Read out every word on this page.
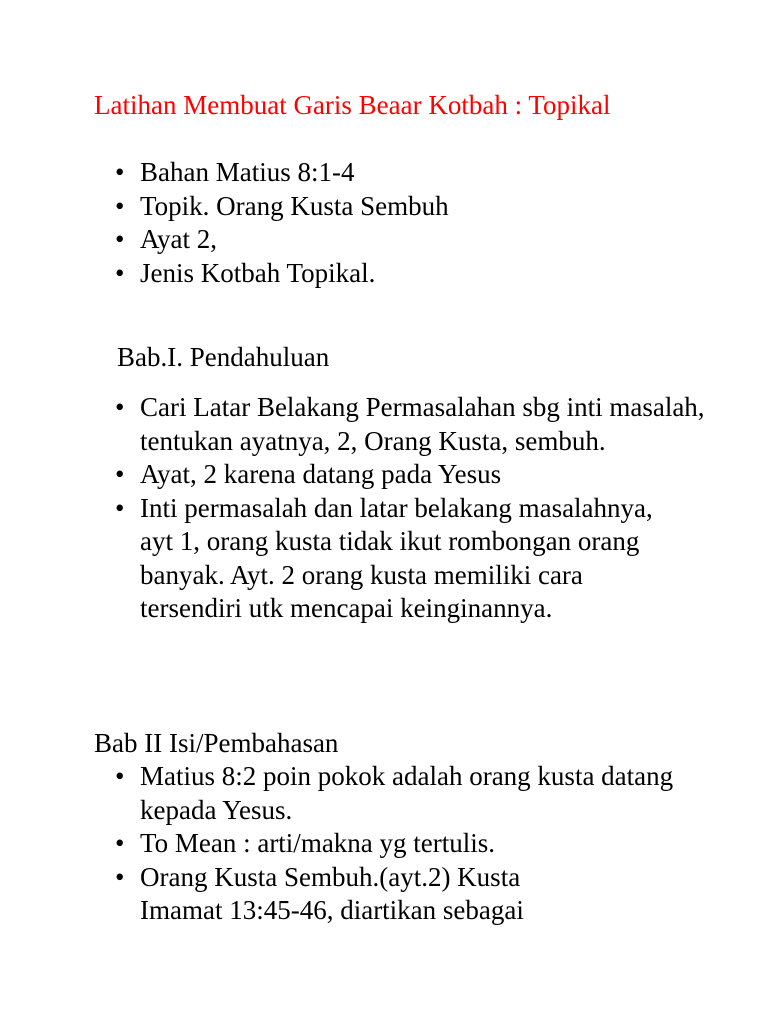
Latihan Membuat Garis Beaar Kotbah : Topikal

• Bahan Matius 8:1-4
• Topik. Orang Kusta Sembuh
• Ayat 2,
• Jenis Kotbah Topikal.

Bab.I. Pendahuluan

• Cari Latar Belakang Permasalahan sbg inti masalah, tentukan ayatnya, 2, Orang Kusta, sembuh.
• Ayat, 2 karena datang pada Yesus
• Inti permasalah dan latar belakang masalahnya, ayt 1, orang kusta tidak ikut rombongan orang banyak. Ayt. 2 orang kusta memiliki cara tersendiri utk mencapai keinginannya.

Bab II Isi/Pembahasan

• Matius 8:2 poin pokok adalah orang kusta datang kepada Yesus.
• To Mean : arti/makna yg tertulis.
• Orang Kusta Sembuh.(ayt.2) Kusta Imamat 13:45-46, diartikan sebagai
